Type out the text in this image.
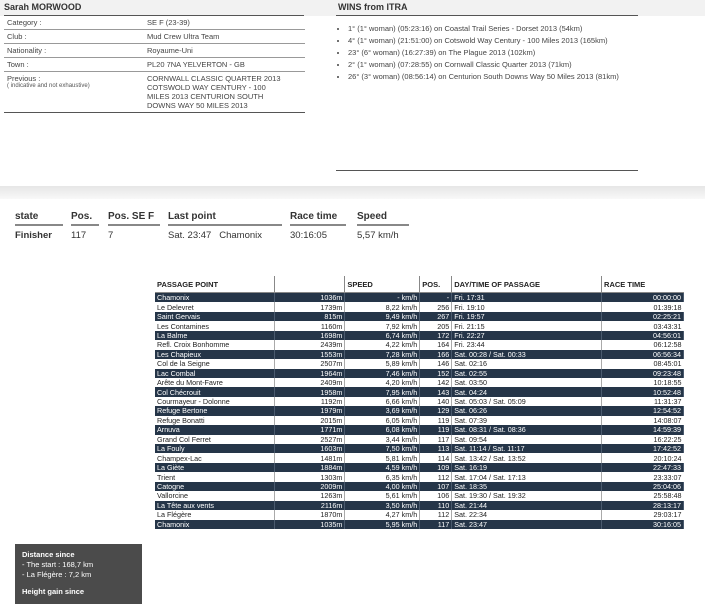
Sarah MORWOOD	WINS from ITRA
Category :	SE F (23-39)
Club :	Mud Crew Ultra Team
Nationality :	Royaume-Uni
Town :	PL20 7NA YELVERTON - GB
Previous :
( indicative and not exhaustive)
CORNWALL CLASSIC QUARTER 2013
COTSWOLD WAY CENTURY - 100
MILES 2013 CENTURION SOUTH
DOWNS WAY 50 MILES 2013
• 1° (1° woman) (05:23:16) on Coastal Trail Series - Dorset 2013 (54km)
• 4° (1° woman) (21:51:00) on Cotswold Way Century - 100 Miles 2013 (165km)
• 23° (6° woman) (16:27:39) on The Plague 2013 (102km)
• 2° (1° woman) (07:28:55) on Cornwall Classic Quarter 2013 (71km)
• 26° (3° woman) (08:56:14) on Centurion South Downs Way 50 Miles 2013 (81km)
state
Finisher
Pos.
117
Pos. SE F
7
Last point
Sat. 23:47   Chamonix
Race time
30:16:05
Speed
5,57 km/h
PASSAGE POINT		SPEED	POS.	DAY/TIME OF PASSAGE	RACE TIME
Chamonix	1036m	- km/h	-	Fri. 17:31	00:00:00
Le Delevret	1739m	8,22 km/h	256	Fri. 19:10	01:39:18
Saint Gervais	815m	9,49 km/h	267	Fri. 19:57	02:25:21
Les Contamines	1160m	7,92 km/h	205	Fri. 21:15	03:43:31
La Balme	1698m	6,74 km/h	172	Fri. 22:27	04:56:01
Refl. Croix Bonhomme	2439m	4,22 km/h	164	Fri. 23:44	06:12:58
Les Chapieux	1553m	7,28 km/h	166	Sat. 00:28 / Sat. 00:33	06:56:34
Col de la Seigne	2507m	5,89 km/h	146	Sat. 02:16	08:45:01
Lac Combal	1964m	7,46 km/h	152	Sat. 02:55	09:23:48
Arête du Mont-Favre	2409m	4,20 km/h	142	Sat. 03:50	10:18:55
Col Chécrouit	1958m	7,95 km/h	143	Sat. 04:24	10:52:48
Courmayeur - Dolonne	1192m	6,66 km/h	140	Sat. 05:03 / Sat. 05:09	11:31:37
Refuge Bertone	1979m	3,69 km/h	129	Sat. 06:26	12:54:52
Refuge Bonatti	2015m	6,05 km/h	119	Sat. 07:39	14:08:07
Arnuva	1771m	6,08 km/h	119	Sat. 08:31 / Sat. 08:36	14:59:39
Grand Col Ferret	2527m	3,44 km/h	117	Sat. 09:54	16:22:25
La Fouly	1603m	7,50 km/h	113	Sat. 11:14 / Sat. 11:17	17:42:52
Champex-Lac	1481m	5,81 km/h	114	Sat. 13:42 / Sat. 13:52	20:10:24
La Giète	1884m	4,59 km/h	109	Sat. 16:19	22:47:33
Trient	1303m	6,35 km/h	112	Sat. 17:04 / Sat. 17:13	23:33:07
Catogne	2009m	4,00 km/h	107	Sat. 18:35	25:04:06
Vallorcine	1263m	5,61 km/h	106	Sat. 19:30 / Sat. 19:32	25:58:48
La Tête aux vents	2116m	3,50 km/h	110	Sat. 21:44	28:13:17
La Flégère	1870m	4,27 km/h	112	Sat. 22:34	29:03:17
Chamonix	1035m	5,95 km/h	117	Sat. 23:47	30:16:05
Distance since
- The start : 168,7 km
- La Flégère : 7,2 km
Height gain since
